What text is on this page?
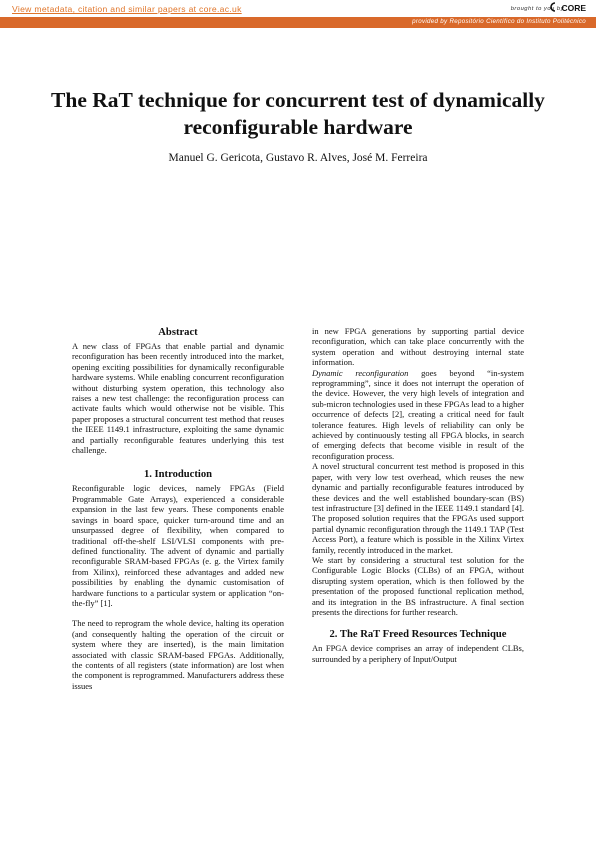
View metadata, citation and similar papers at core.ac.uk	brought to you by
CORE
provided by Repositório Científico do Instituto Politécnico
The RaT technique for concurrent test of dynamically reconfigurable hardware
Manuel G. Gericota, Gustavo R. Alves, José M. Ferreira
Abstract

A new class of FPGAs that enable partial and dynamic reconfiguration has been recently introduced into the market, opening exciting possibilities for dynamically reconfigurable hardware systems. While enabling concurrent reconfiguration without disturbing system operation, this technology also raises a new test challenge: the reconfiguration process can activate faults which would otherwise not be visible. This paper proposes a structural concurrent test method that reuses the IEEE 1149.1 infrastructure, exploiting the same dynamic and partially reconfigurable features underlying this test challenge.

1. Introduction

Reconfigurable logic devices, namely FPGAs (Field Programmable Gate Arrays), experienced a considerable expansion in the last few years. These components enable savings in board space, quicker turn-around time and an unsurpassed degree of flexibility, when compared to traditional off-the-shelf LSI/VLSI components with pre-defined functionality. The advent of dynamic and partially reconfigurable SRAM-based FPGAs (e. g. the Virtex family from Xilinx), reinforced these advantages and added new possibilities by enabling the dynamic customisation of hardware functions to a particular system or application “on-the-fly” [1].

The need to reprogram the whole device, halting its operation (and consequently halting the operation of the circuit or system where they are inserted), is the main limitation associated with classic SRAM-based FPGAs. Additionally, the contents of all registers (state information) are lost when the component is reprogrammed. Manufacturers address these issues

in new FPGA generations by supporting partial device reconfiguration, which can take place concurrently with the system operation and without destroying internal state information.

Dynamic reconfiguration goes beyond “in-system reprogramming”, since it does not interrupt the operation of the device. However, the very high levels of integration and sub-micron technologies used in these FPGAs lead to a higher occurrence of defects [2], creating a critical need for fault tolerance features. High levels of reliability can only be achieved by continuously testing all FPGA blocks, in search of emerging defects that become visible in result of the reconfiguration process.

A novel structural concurrent test method is proposed in this paper, with very low test overhead, which reuses the new dynamic and partially reconfigurable features introduced by these devices and the well established boundary-scan (BS) test infrastructure [3] defined in the IEEE 1149.1 standard [4]. The proposed solution requires that the FPGAs used support partial dynamic reconfiguration through the 1149.1 TAP (Test Access Port), a feature which is possible in the Xilinx Virtex family, recently introduced in the market.

We start by considering a structural test solution for the Configurable Logic Blocks (CLBs) of an FPGA, without disrupting system operation, which is then followed by the presentation of the proposed functional replication method, and its integration in the BS infrastructure. A final section presents the directions for further research.

2. The RaT Freed Resources Technique

An FPGA device comprises an array of independent CLBs, surrounded by a periphery of Input/Output
